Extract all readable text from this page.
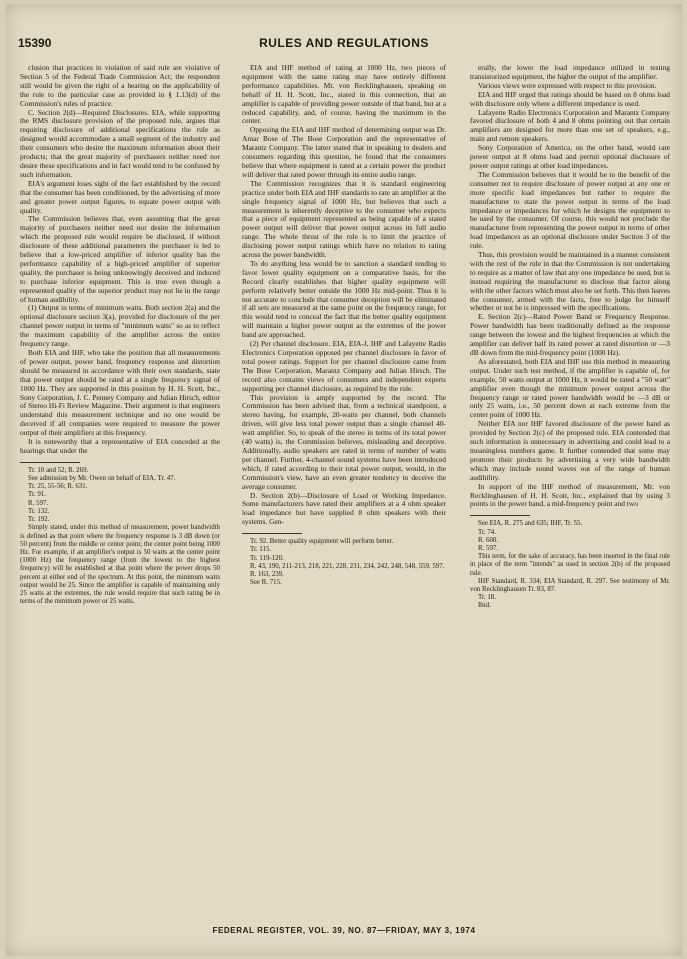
15390	RULES AND REGULATIONS

clusion that practices in violation of said rule are violative of Section 5 of the Federal Trade Commission Act; the respondent still would be given the right of a hearing on the applicability of the rule to the particular case as provided in § 1.13(d) of the Commission's rules of practice.

C. Section 2(d)—Required Disclosures. EIA, while supporting the RMS disclosure provision of the proposed rule, argues that requiring disclosure of additional specifications the rule as designed would accommodate a small segment of the industry and their consumers who desire the maximum information about their products; that the great majority of purchasers neither need nor desire these specifications and in fact would tend to be confused by such information.

EIA's argument loses sight of the fact established by the record that the consumer has been conditioned, by the advertising of more and greater power output figures, to equate power output with quality.

The Commission believes that, even assuming that the great majority of purchasers neither need nor desire the information which the proposed rule would require be disclosed, if without disclosure of these additional parameters the purchaser is led to believe that a low-priced amplifier of inferior quality has the performance capability of a high-priced amplifier of superior quality, the purchaser is being unknowingly deceived and induced to purchase inferior equipment. This is true even though a represented quality of the superior product may not lie in the range of human audibility.

(1) Output in terms of minimum watts. Both section 2(a) and the optional disclosure section 3(a), provided for disclosure of the per channel power output in terms of "minimum watts" so as to reflect the maximum capability of the amplifier across the entire frequency range.

Both EIA and IHF, who take the position that all measurements of power output, power band, frequency response and distortion should be measured in accordance with their own standards, state that power output should be rated at a single frequency signal of 1000 Hz. They are supported in this position by H. H. Scott, Inc., Sony Corporation, J. C. Penney Company and Julian Hirsch, editor of Stereo Hi-Fi Review Magazine. Their argument is that engineers understand this measurement technique and no one would be deceived if all companies were required to measure the power output of their amplifiers at this frequency.

It is noteworthy that a representative of EIA conceded at the hearings that under the

Tr. 10 and 52; R. 269.

See admission by Mr. Owen on behalf of EIA, Tr. 47.

Tr. 25, 55-56; R. 631.

Tr. 91.

R. 597.

Tr. 132.

Tr. 192.

Simply stated, under this method of measurement, power bandwidth is defined as that point where the frequency response is 3 dB down (or 50 percent) from the middle or center point; the center point being 1000 Hz. For example, if an amplifier's output is 50 watts at the center point (1000 Hz) the frequency range (from the lowest to the highest frequency) will be established at that point where the power drops 50 percent at either end of the spectrum. At this point, the minimum watts output would be 25. Since the amplifier is capable of maintaining only 25 watts at the extremes, the rule would require that such rating be in terms of the minimum power or 25 watts.

EIA and IHF method of rating at 1000 Hz, two pieces of equipment with the same rating may have entirely different performance capabilities. Mr. von Recklinghausen, speaking on behalf of H. H. Scott, Inc., stated in this connection, that an amplifier is capable of providing power outside of that band, but at a reduced capability, and, of course, having the maximum in the center.

Opposing the EIA and IHF method of determining output was Dr. Amar Bose of The Bose Corporation and the representative of Marantz Company. The latter stated that in speaking to dealers and consumers regarding this question, he found that the consumers believe that where equipment is rated at a certain power the product will deliver that rated power through its entire audio range.

The Commission recognizes that it is standard engineering practice under both EIA and IHF standards to rate an amplifier at the single frequency signal of 1000 Hz, but believes that such a measurement is inherently deceptive to the consumer who expects that a piece of equipment represented as being capable of a stated power output will deliver that power output across its full audio range. The whole thrust of the rule is to limit the practice of disclosing power output ratings which have no relation to rating across the power bandwidth.

To do anything less would be to sanction a standard tending to favor lower quality equipment on a comparative basis, for the Record clearly establishes that higher quality equipment will perform relatively better outside the 1000 Hz mid-point. Thus it is not accurate to conclude that consumer deception will be eliminated if all sets are measured at the same point on the frequency range, for this would tend to conceal the fact that the better quality equipment will maintain a higher power output as the extremes of the power band are approached.

(2) Per channel disclosure. EIA, EIA-J, IHF and Lafayette Radio Electronics Corporation opposed per channel disclosure in favor of total power ratings. Support for per channel disclosure came from The Bose Corporation, Marantz Company and Julian Hirsch. The record also contains views of consumers and independent experts supporting per channel disclosure, as required by the rule.

This provision is amply supported by the record. The Commission has been advised that, from a technical standpoint, a stereo having, for example, 20-watts per channel, both channels driven, will give less total power output than a single channel 40-watt amplifier. So, to speak of the stereo in terms of its total power (40 watts) is, the Commission believes, misleading and deceptive. Additionally, audio speakers are rated in terms of number of watts per channel. Further, 4-channel sound systems have been introduced which, if rated according to their total power output, would, in the Commission's view, have an even greater tendency to deceive the average consumer.

D. Section 2(b)—Disclosure of Load or Working Impedance. Some manufacturers have rated their amplifiers at a 4 ohm speaker load impedance but have supplied 8 ohm speakers with their systems. Gen-

Tr. 92. Better quality equipment will perform better.

Tr. 115.

Tr. 119-120.

R. 43, 190, 211-213, 218, 221, 228, 231, 234, 242, 248, 548, 559, 597.

R. 163, 239.

See R. 715.

erally, the lower the load impedance utilized in testing transistorized equipment, the higher the output of the amplifier.

Various views were expressed with respect to this provision.

EIA and IHF urged that ratings should be based on 8 ohms load with disclosure only where a different impedance is used.

Lafayette Radio Electronics Corporation and Marantz Company favored disclosure of both 4 and 8 ohms pointing out that certain amplifiers are designed for more than one set of speakers, e.g., main and remote speakers.

Sony Corporation of America, on the other hand, would rate power output at 8 ohms load and permit optional disclosure of power output ratings at other load impedances.

The Commission believes that it would be to the benefit of the consumer not to require disclosure of power output at any one or more specific load impedances but rather to require the manufacturer to state the power output in terms of the load impedance or impedances for which he designs the equipment to be used by the consumer. Of course, this would not preclude the manufacturer from representing the power output in terms of other load impedances as an optional disclosure under Section 3 of the rule.

Thus, this provision would be maintained in a manner consistent with the rest of the rule in that the Commission is not undertaking to require as a matter of law that any one impedance be used, but is instead requiring the manufacturer to disclose that factor along with the other factors which must also be set forth. This then leaves the consumer, armed with the facts, free to judge for himself whether or not he is impressed with the specifications.

E. Section 2(c)—Rated Power Band or Frequency Response. Power bandwidth has been traditionally defined as the response range between the lowest and the highest frequencies at which the amplifier can deliver half its rated power at rated distortion or —3 dB down from the mid-frequency point (1000 Hz).

As aforestated, both EIA and IHF use this method in measuring output. Under such test method, if the amplifier is capable of, for example, 50 watts output at 1000 Hz, it would be rated a "50 watt" amplifier even though the minimum power output across the frequency range or rated power bandwidth would be —3 dB or only 25 watts, i.e., 50 percent down at each extreme from the center point of 1000 Hz.

Neither EIA nor IHF favored disclosure of the power band as provided by Section 2(c) of the proposed rule. EIA contended that such information is unnecessary in advertising and could lead to a meaningless numbers game. It further contended that some may promote their products by advertising a very wide bandwidth which may include sound waves out of the range of human audibility.

In support of the IHF method of measurement, Mr. von Recklinghausen of H. H. Scott, Inc., explained that by using 3 points in the power band, a mid-frequency point and two

See EIA, R. 275 and 635; IHF, Tr. 55.

Tr. 74.

R. 600.

R. 597.

This term, for the sake of accuracy, has been inserted in the final rule in place of the term "intends" as used in section 2(b) of the proposed rule.

IHF Standard, R. 334; EIA Standard, R. 297. See testimony of Mr. von Recklinghausen Tr. 83, 87.

Tr. 18.

Ibid.

FEDERAL REGISTER, VOL. 39, NO. 87—FRIDAY, MAY 3, 1974
